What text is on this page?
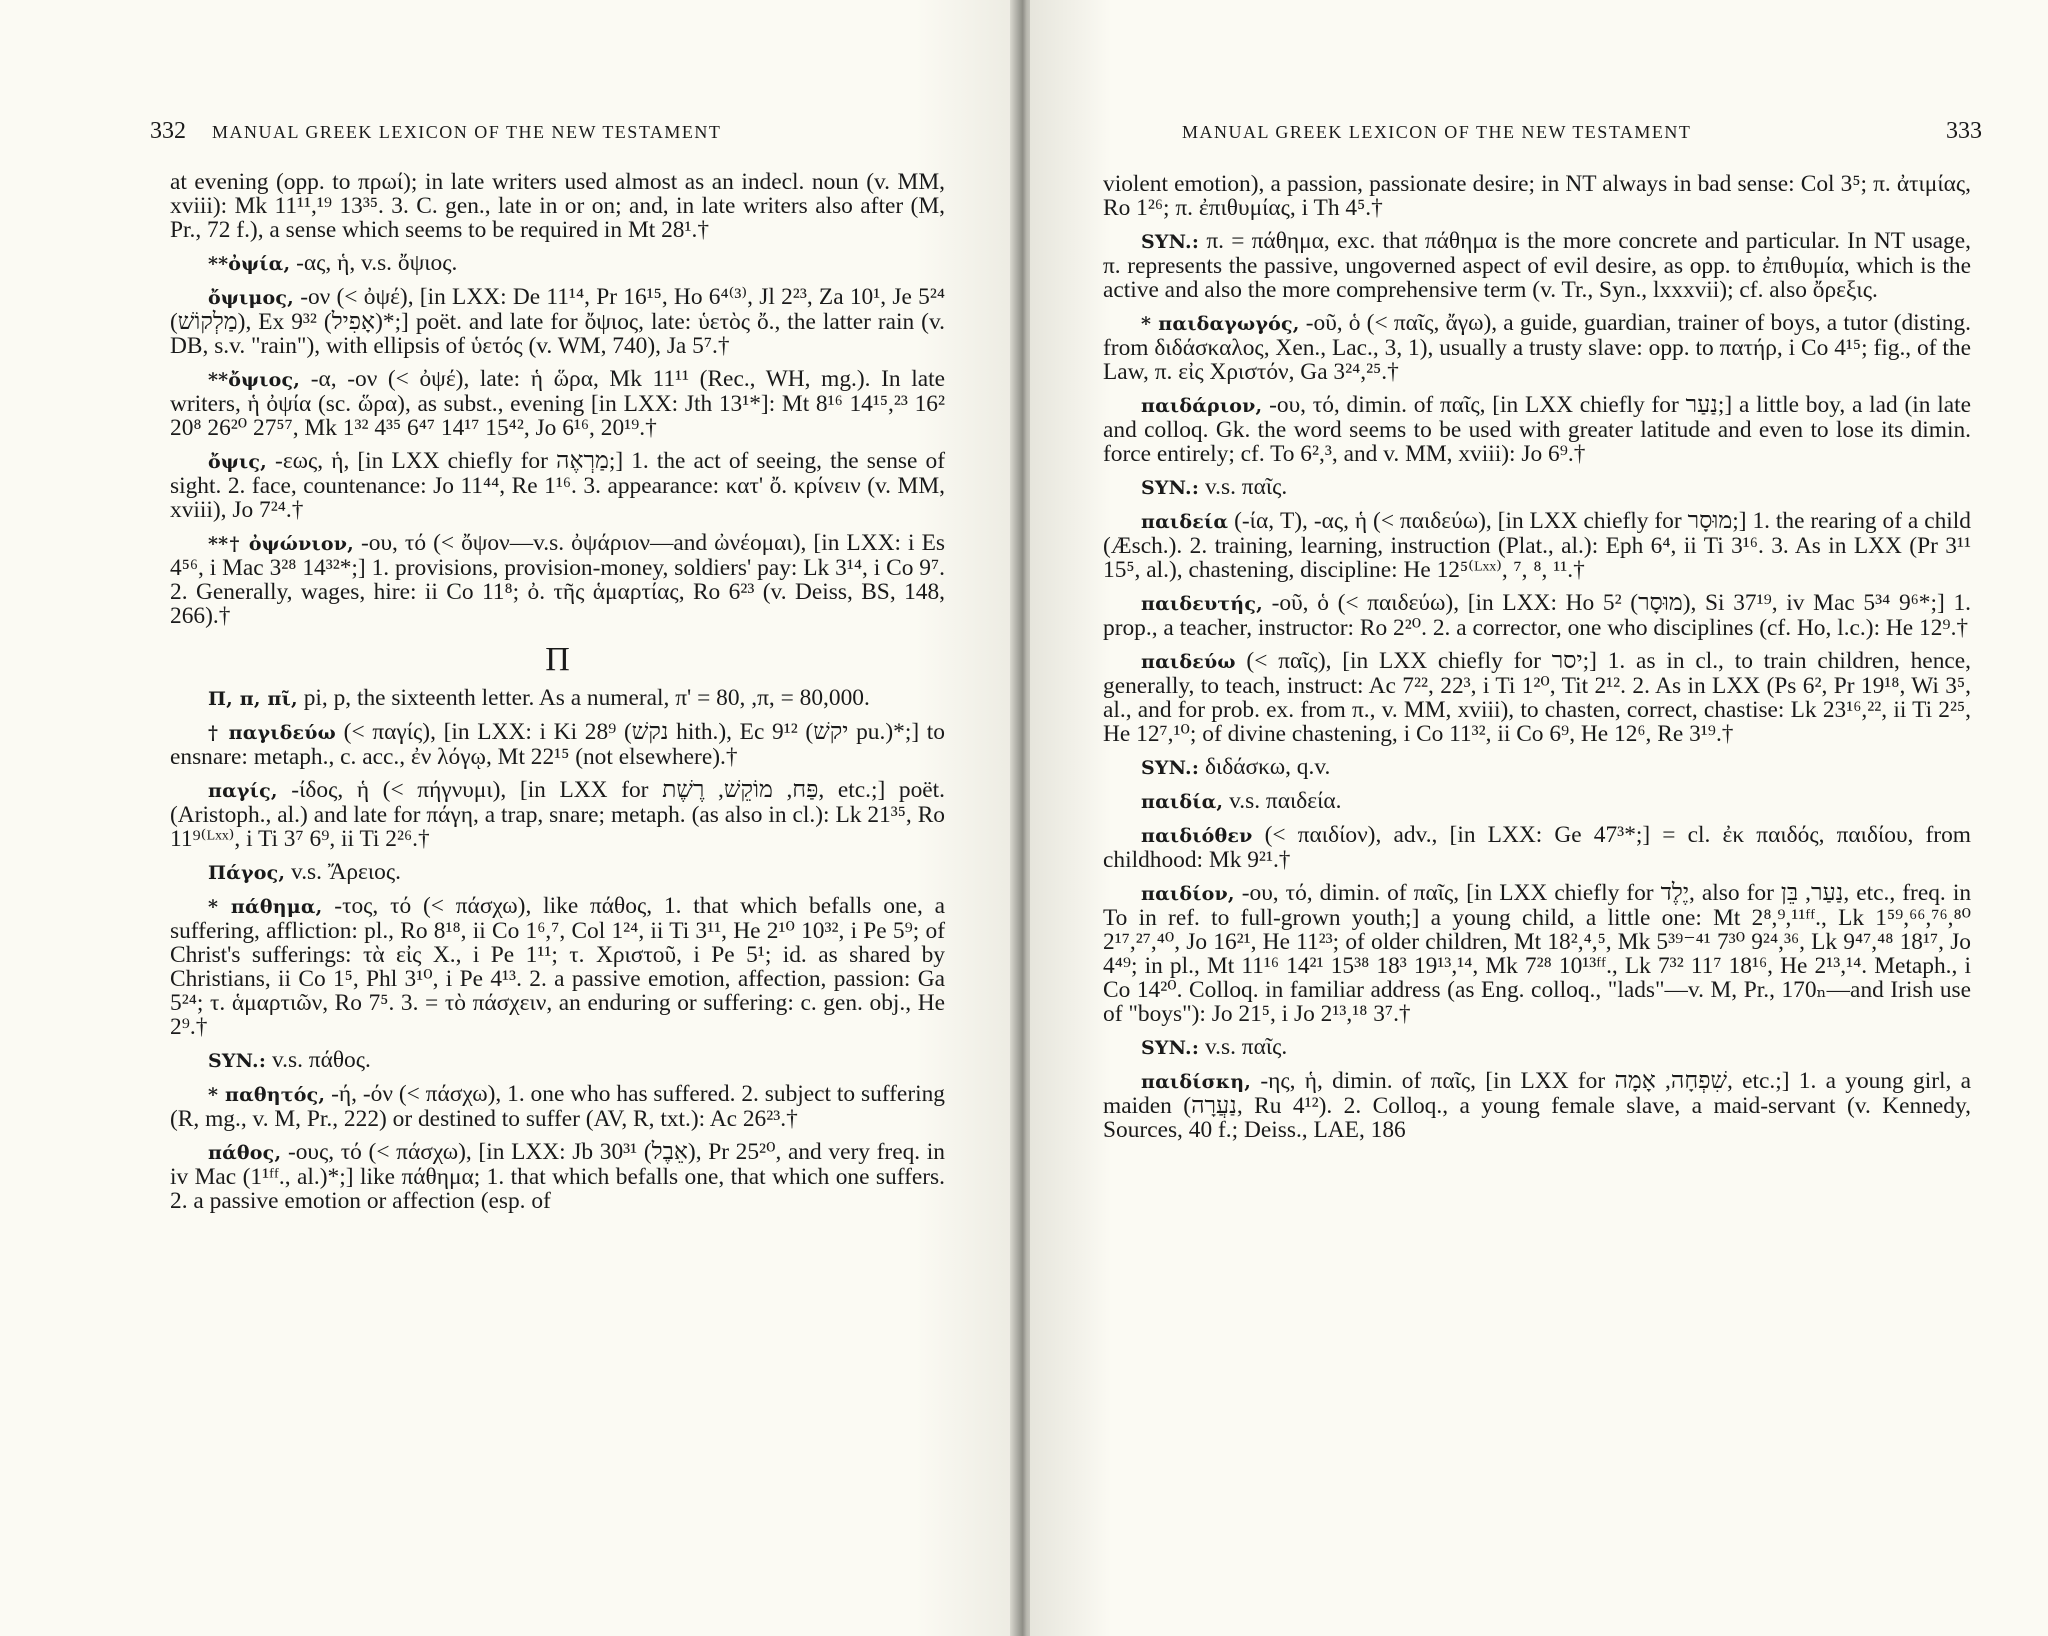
332 MANUAL GREEK LEXICON OF THE NEW TESTAMENT

at evening (opp. to πρωί); in late writers used almost as an indecl. noun (v. MM, xviii): Mk 11¹¹,¹⁹ 13³⁵. 3. C. gen., late in or on; and, in late writers also after (M, Pr., 72 f.), a sense which seems to be required in Mt 28¹.†

**ὀψία, -ας, ἡ, v.s. ὄψιος.

ὄψιμος, -ον (< ὀψέ), [in LXX: De 11¹⁴, Pr 16¹⁵, Ho 6⁴⁽³⁾, Jl 2²³, Za 10¹, Je 5²⁴ (מַלְקוֹשׁ), Ex 9³² (אָפִיל)*;] poët. and late for ὄψιος, late: ὑετὸς ὄ., the latter rain (v. DB, s.v. "rain"), with ellipsis of ὑετός (v. WM, 740), Ja 5⁷.†

**ὄψιος, -α, -ον (< ὀψέ), late: ἡ ὥρα, Mk 11¹¹ (Rec., WH, mg.). In late writers, ἡ ὀψία (sc. ὥρα), as subst., evening [in LXX: Jth 13¹*]: Mt 8¹⁶ 14¹⁵,²³ 16² 20⁸ 26²⁰ 27⁵⁷, Mk 1³² 4³⁵ 6⁴⁷ 14¹⁷ 15⁴², Jo 6¹⁶, 20¹⁹.†

ὄψις, -εως, ἡ, [in LXX chiefly for מַרְאֶה;] 1. the act of seeing, the sense of sight. 2. face, countenance: Jo 11⁴⁴, Re 1¹⁶. 3. appearance: κατ' ὄ. κρίνειν (v. MM, xviii), Jo 7²⁴.†

**† ὀψώνιον, -ου, τό (< ὄψον—v.s. ὀψάριον—and ὠνέομαι), [in LXX: i Es 4⁵⁶, i Mac 3²⁸ 14³²*;] 1. provisions, provision-money, soldiers' pay: Lk 3¹⁴, i Co 9⁷. 2. Generally, wages, hire: ii Co 11⁸; ὀ. τῆς ἁμαρτίας, Ro 6²³ (v. Deiss, BS, 148, 266).†

Π

Π, π, πῖ, pi, p, the sixteenth letter. As a numeral, π' = 80, ,π, = 80,000.

† παγιδεύω (< παγίς), [in LXX: i Ki 28⁹ (נקשׁ hith.), Ec 9¹² (יקשׁ pu.)*;] to ensnare: metaph., c. acc., ἐν λόγῳ, Mt 22¹⁵ (not elsewhere).†

παγίς, -ίδος, ἡ (< πήγνυμι), [in LXX for פַּח, מוֹקֵשׁ, רֶשֶׁת, etc.;] poët. (Aristoph., al.) and late for πάγη, a trap, snare; metaph. (as also in cl.): Lk 21³⁵, Ro 11⁹⁽ᴸˣˣ⁾, i Ti 3⁷ 6⁹, ii Ti 2²⁶.†

Πάγος, v.s. Ἄρειος.

* πάθημα, -τος, τό (< πάσχω), like πάθος, 1. that which befalls one, a suffering, affliction: pl., Ro 8¹⁸, ii Co 1⁶,⁷, Col 1²⁴, ii Ti 3¹¹, He 2¹⁰ 10³², i Pe 5⁹; of Christ's sufferings: τὰ εἰς Χ., i Pe 1¹¹; τ. Χριστοῦ, i Pe 5¹; id. as shared by Christians, ii Co 1⁵, Phl 3¹⁰, i Pe 4¹³. 2. a passive emotion, affection, passion: Ga 5²⁴; τ. ἁμαρτιῶν, Ro 7⁵. 3. = τὸ πάσχειν, an enduring or suffering: c. gen. obj., He 2⁹.†

SYN.: v.s. πάθος.

* παθητός, -ή, -όν (< πάσχω), 1. one who has suffered. 2. subject to suffering (R, mg., v. M, Pr., 222) or destined to suffer (AV, R, txt.): Ac 26²³.†

πάθος, -ους, τό (< πάσχω), [in LXX: Jb 30³¹ (אֵבֶל), Pr 25²⁰, and very freq. in iv Mac (1¹ᶠᶠ., al.)*;] like πάθημα; 1. that which befalls one, that which one suffers. 2. a passive emotion or affection (esp. of

MANUAL GREEK LEXICON OF THE NEW TESTAMENT	333

violent emotion), a passion, passionate desire; in NT always in bad sense: Col 3⁵; π. ἀτιμίας, Ro 1²⁶; π. ἐπιθυμίας, i Th 4⁵.†

SYN.: π. = πάθημα, exc. that πάθημα is the more concrete and particular. In NT usage, π. represents the passive, ungoverned aspect of evil desire, as opp. to ἐπιθυμία, which is the active and also the more comprehensive term (v. Tr., Syn., lxxxvii); cf. also ὄρεξις.

* παιδαγωγός, -οῦ, ὁ (< παῖς, ἄγω), a guide, guardian, trainer of boys, a tutor (disting. from διδάσκαλος, Xen., Lac., 3, 1), usually a trusty slave: opp. to πατήρ, i Co 4¹⁵; fig., of the Law, π. εἰς Χριστόν, Ga 3²⁴,²⁵.†

παιδάριον, -ου, τό, dimin. of παῖς, [in LXX chiefly for נַעַר;] a little boy, a lad (in late and colloq. Gk. the word seems to be used with greater latitude and even to lose its dimin. force entirely; cf. To 6²,³, and v. MM, xviii): Jo 6⁹.†

SYN.: v.s. παῖς.

παιδεία (-ία, T), -ας, ἡ (< παιδεύω), [in LXX chiefly for מוּסָר;] 1. the rearing of a child (Æsch.). 2. training, learning, instruction (Plat., al.): Eph 6⁴, ii Ti 3¹⁶. 3. As in LXX (Pr 3¹¹ 15⁵, al.), chastening, discipline: He 12⁵⁽ᴸˣˣ⁾, ⁷, ⁸, ¹¹.†

παιδευτής, -οῦ, ὁ (< παιδεύω), [in LXX: Ho 5² (מוּסָר), Si 37¹⁹, iv Mac 5³⁴ 9⁶*;] 1. prop., a teacher, instructor: Ro 2²⁰. 2. a corrector, one who disciplines (cf. Ho, l.c.): He 12⁹.†

παιδεύω (< παῖς), [in LXX chiefly for יסר;] 1. as in cl., to train children, hence, generally, to teach, instruct: Ac 7²², 22³, i Ti 1²⁰, Tit 2¹². 2. As in LXX (Ps 6², Pr 19¹⁸, Wi 3⁵, al., and for prob. ex. from π., v. MM, xviii), to chasten, correct, chastise: Lk 23¹⁶,²², ii Ti 2²⁵, He 12⁷,¹⁰; of divine chastening, i Co 11³², ii Co 6⁹, He 12⁶, Re 3¹⁹.†

SYN.: διδάσκω, q.v.

παιδία, v.s. παιδεία.

παιδιόθεν (< παιδίον), adv., [in LXX: Ge 47³*;] = cl. ἐκ παιδός, παιδίου, from childhood: Mk 9²¹.†

παιδίον, -ου, τό, dimin. of παῖς, [in LXX chiefly for יֶלֶד, also for נַעַר, בֵּן, etc., freq. in To in ref. to full-grown youth;] a young child, a little one: Mt 2⁸,⁹,¹¹ᶠᶠ., Lk 1⁵⁹,⁶⁶,⁷⁶,⁸⁰ 2¹⁷,²⁷,⁴⁰, Jo 16²¹, He 11²³; of older children, Mt 18²,⁴,⁵, Mk 5³⁹⁻⁴¹ 7³⁰ 9²⁴,³⁶, Lk 9⁴⁷,⁴⁸ 18¹⁷, Jo 4⁴⁹; in pl., Mt 11¹⁶ 14²¹ 15³⁸ 18³ 19¹³,¹⁴, Mk 7²⁸ 10¹³ᶠᶠ., Lk 7³² 11⁷ 18¹⁶, He 2¹³,¹⁴. Metaph., i Co 14²⁰. Colloq. in familiar address (as Eng. colloq., "lads"—v. M, Pr., 170ₙ—and Irish use of "boys"): Jo 21⁵, i Jo 2¹³,¹⁸ 3⁷.†

SYN.: v.s. παῖς.

παιδίσκη, -ης, ἡ, dimin. of παῖς, [in LXX for שִׁפְחָה, אָמָה, etc.;] 1. a young girl, a maiden (נַעֲרָה, Ru 4¹²). 2. Colloq., a young female slave, a maid-servant (v. Kennedy, Sources, 40 f.; Deiss., LAE, 186
